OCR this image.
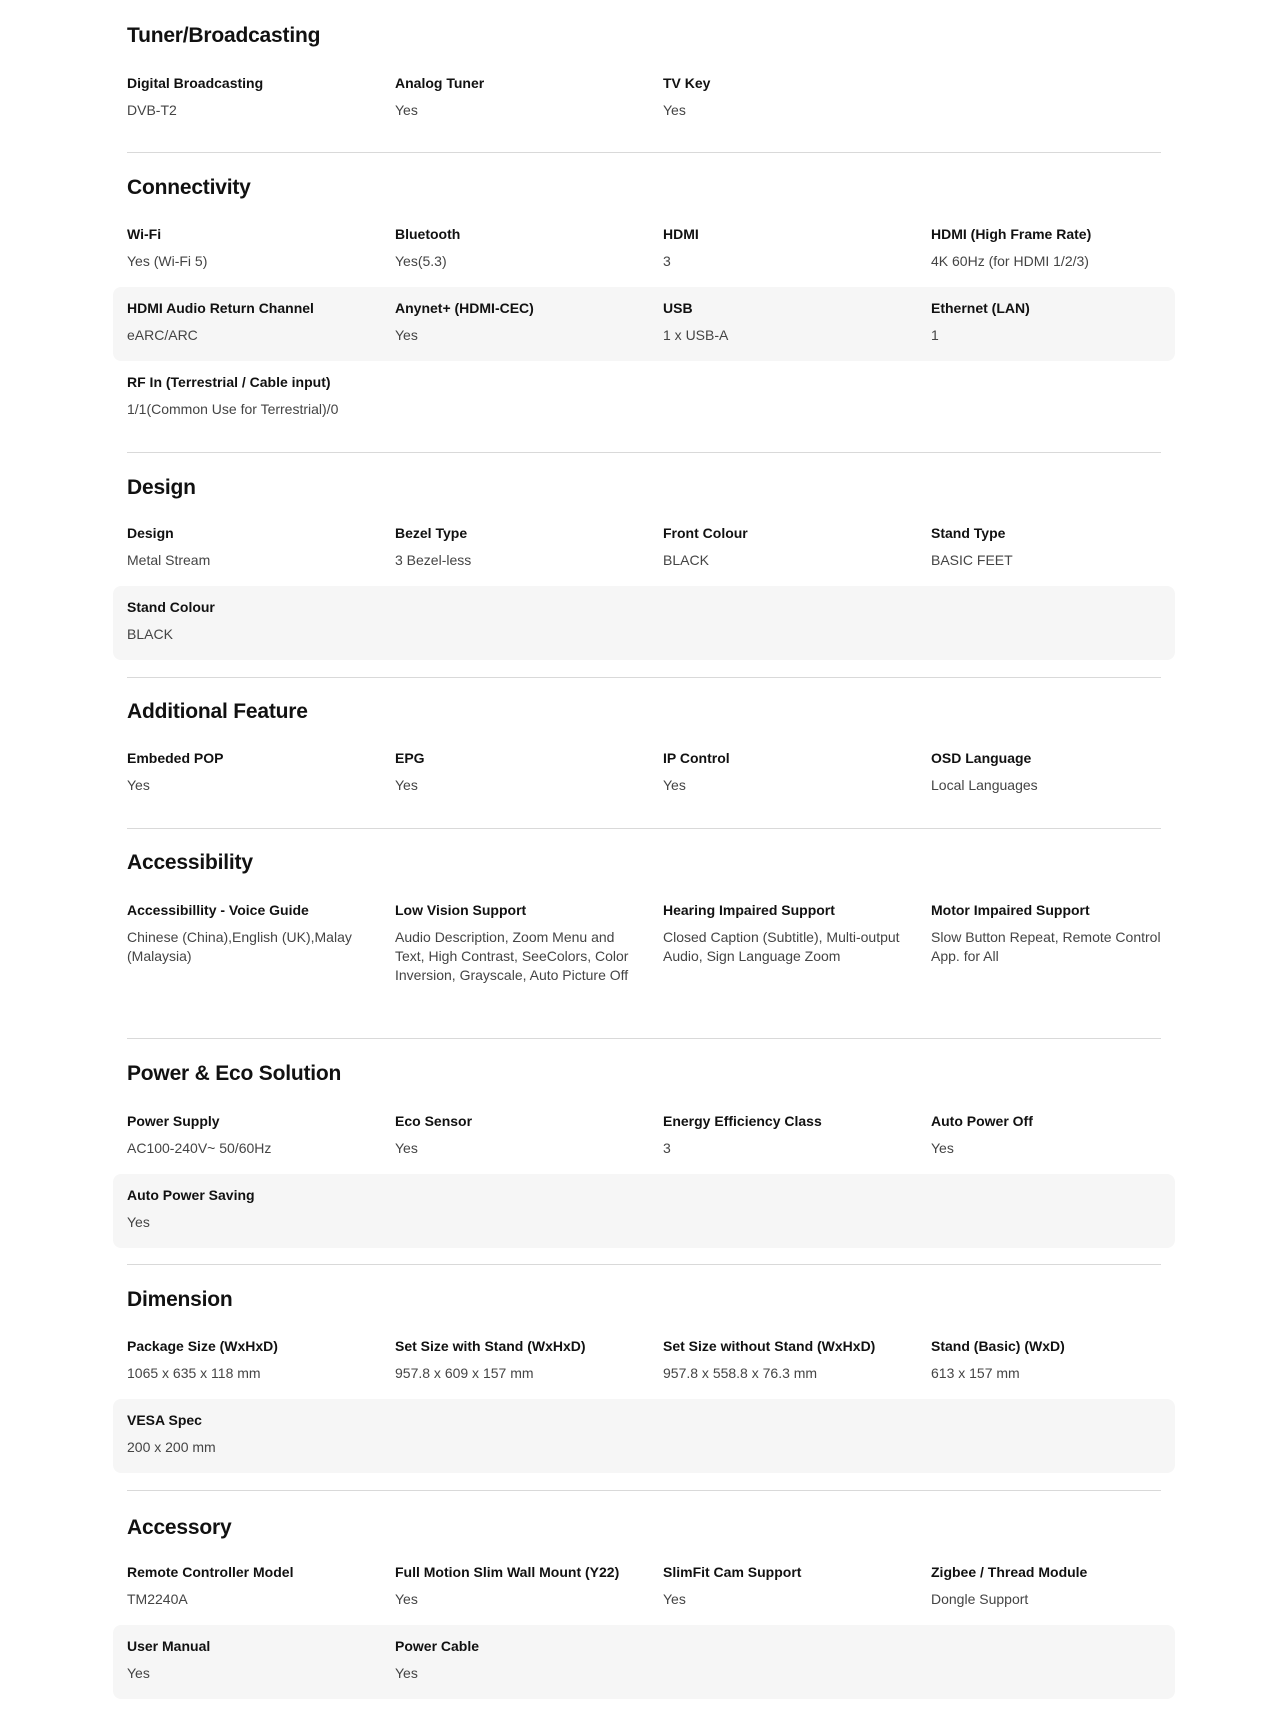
Tuner/Broadcasting
Digital Broadcasting
DVB-T2
Analog Tuner
Yes
TV Key
Yes
Connectivity
Wi-Fi
Yes (Wi-Fi 5)
Bluetooth
Yes(5.3)
HDMI
3
HDMI (High Frame Rate)
4K 60Hz (for HDMI 1/2/3)
HDMI Audio Return Channel
eARC/ARC
Anynet+ (HDMI-CEC)
Yes
USB
1 x USB-A
Ethernet (LAN)
1
RF In (Terrestrial / Cable input)
1/1(Common Use for Terrestrial)/0
Design
Design
Metal Stream
Bezel Type
3 Bezel-less
Front Colour
BLACK
Stand Type
BASIC FEET
Stand Colour
BLACK
Additional Feature
Embeded POP
Yes
EPG
Yes
IP Control
Yes
OSD Language
Local Languages
Accessibility
Accessibillity - Voice Guide
Chinese (China),English (UK),Malay (Malaysia)
Low Vision Support
Audio Description, Zoom Menu and Text, High Contrast, SeeColors, Color Inversion, Grayscale, Auto Picture Off
Hearing Impaired Support
Closed Caption (Subtitle), Multi-output Audio, Sign Language Zoom
Motor Impaired Support
Slow Button Repeat, Remote Control App. for All
Power & Eco Solution
Power Supply
AC100-240V~ 50/60Hz
Eco Sensor
Yes
Energy Efficiency Class
3
Auto Power Off
Yes
Auto Power Saving
Yes
Dimension
Package Size (WxHxD)
1065 x 635 x 118 mm
Set Size with Stand (WxHxD)
957.8 x 609 x 157 mm
Set Size without Stand (WxHxD)
957.8 x 558.8 x 76.3 mm
Stand (Basic) (WxD)
613 x 157 mm
VESA Spec
200 x 200 mm
Accessory
Remote Controller Model
TM2240A
Full Motion Slim Wall Mount (Y22)
Yes
SlimFit Cam Support
Yes
Zigbee / Thread Module
Dongle Support
User Manual
Yes
Power Cable
Yes
